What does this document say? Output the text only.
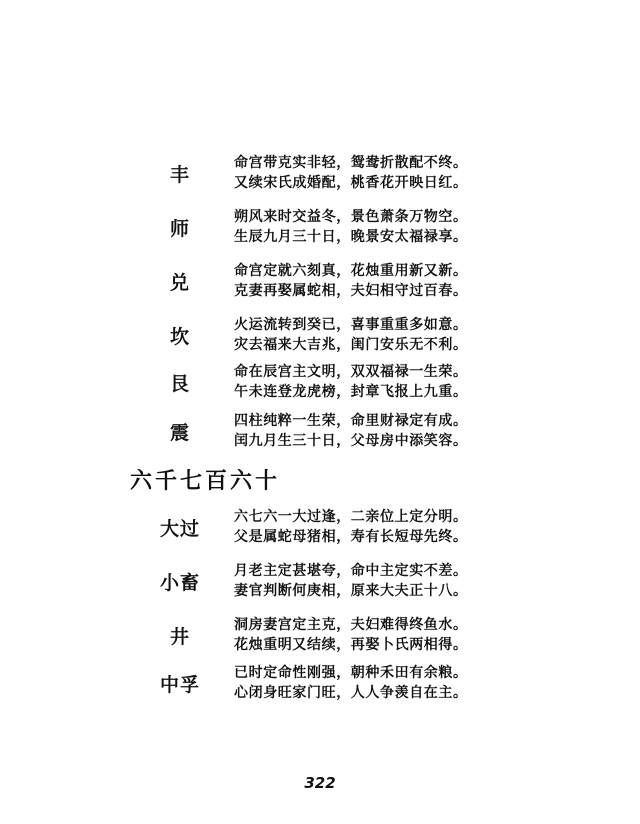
丰
命宫带克实非轻，鸳鸯折散配不终。
又续宋氏成婚配，桃香花开映日红。
师
朔风来时交益冬，景色萧条万物空。
生辰九月三十日，晚景安太福禄享。
兑
命宫定就六刻真，花烛重用新又新。
克妻再娶属蛇相，夫妇相守过百春。
坎
火运流转到癸已，喜事重重多如意。
灾去福来大吉兆，闺门安乐无不利。
艮
命在辰宫主文明，双双福禄一生荣。
午未连登龙虎榜，封章飞报上九重。
震
四柱纯粹一生荣，命里财禄定有成。
闰九月生三十日，父母房中添笑容。
六千七百六十
大过
六七六一大过逢，二亲位上定分明。
父是属蛇母猪相，寿有长短母先终。
小畜
月老主定甚堪夸，命中主定实不差。
妻官判断何庚相，原来大夫正十八。
井
洞房妻宫定主克，夫妇难得终鱼水。
花烛重明又结续，再娶卜氏两相得。
中孚
已时定命性刚强，朝种禾田有余粮。
心闭身旺家门旺，人人争羡自在主。
322
